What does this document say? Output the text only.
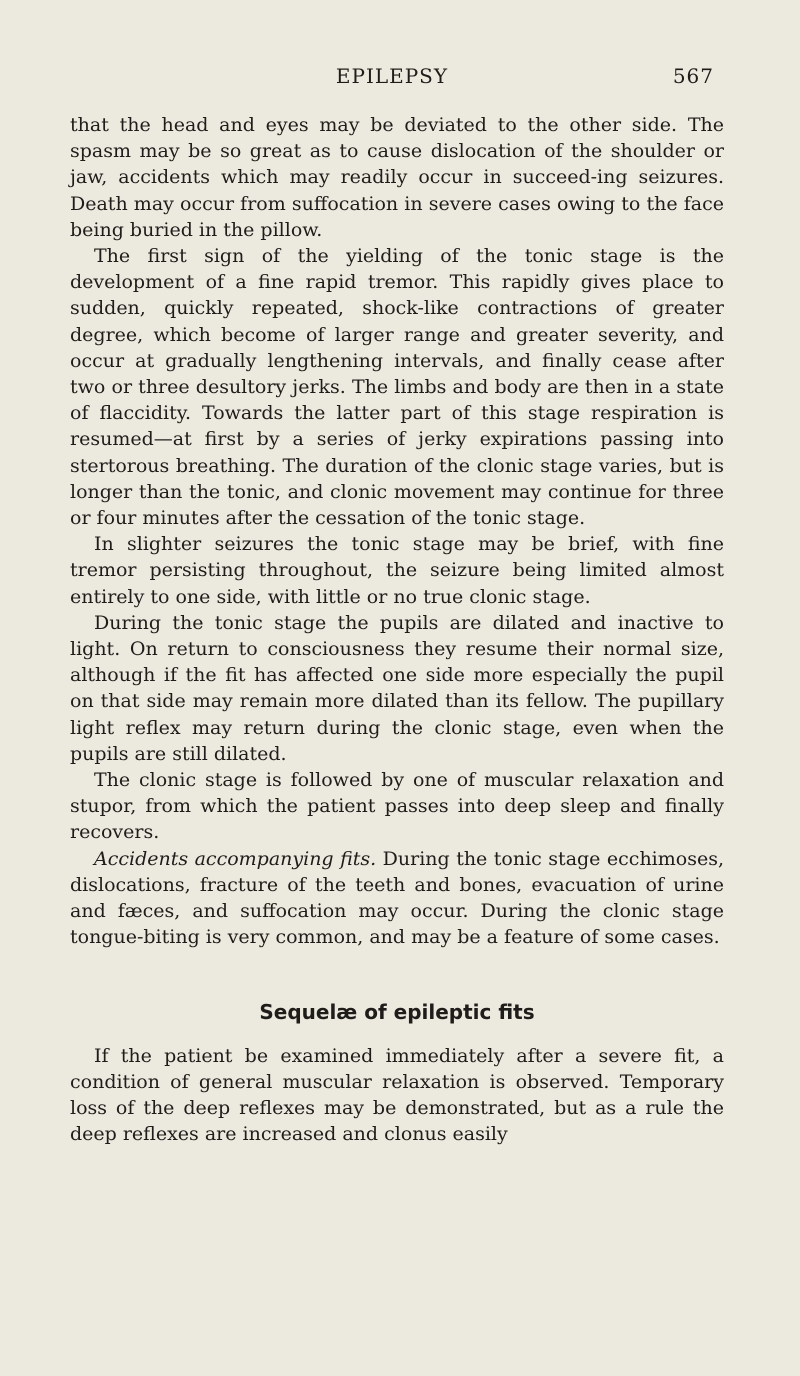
EPILEPSY	567

that the head and eyes may be deviated to the other side. The spasm may be so great as to cause dislocation of the shoulder or jaw, accidents which may readily occur in succeed-ing seizures. Death may occur from suffocation in severe cases owing to the face being buried in the pillow.

The first sign of the yielding of the tonic stage is the development of a fine rapid tremor. This rapidly gives place to sudden, quickly repeated, shock-like contractions of greater degree, which become of larger range and greater severity, and occur at gradually lengthening intervals, and finally cease after two or three desultory jerks. The limbs and body are then in a state of flaccidity. Towards the latter part of this stage respiration is resumed—at first by a series of jerky expirations passing into stertorous breathing. The duration of the clonic stage varies, but is longer than the tonic, and clonic movement may continue for three or four minutes after the cessation of the tonic stage.

In slighter seizures the tonic stage may be brief, with fine tremor persisting throughout, the seizure being limited almost entirely to one side, with little or no true clonic stage.

During the tonic stage the pupils are dilated and inactive to light. On return to consciousness they resume their normal size, although if the fit has affected one side more especially the pupil on that side may remain more dilated than its fellow. The pupillary light reflex may return during the clonic stage, even when the pupils are still dilated.

The clonic stage is followed by one of muscular relaxation and stupor, from which the patient passes into deep sleep and finally recovers.

Accidents accompanying fits. During the tonic stage ecchimoses, dislocations, fracture of the teeth and bones, evacuation of urine and fæces, and suffocation may occur. During the clonic stage tongue-biting is very common, and may be a feature of some cases.

Sequelæ of epileptic fits

If the patient be examined immediately after a severe fit, a condition of general muscular relaxation is observed. Temporary loss of the deep reflexes may be demonstrated, but as a rule the deep reflexes are increased and clonus easily
